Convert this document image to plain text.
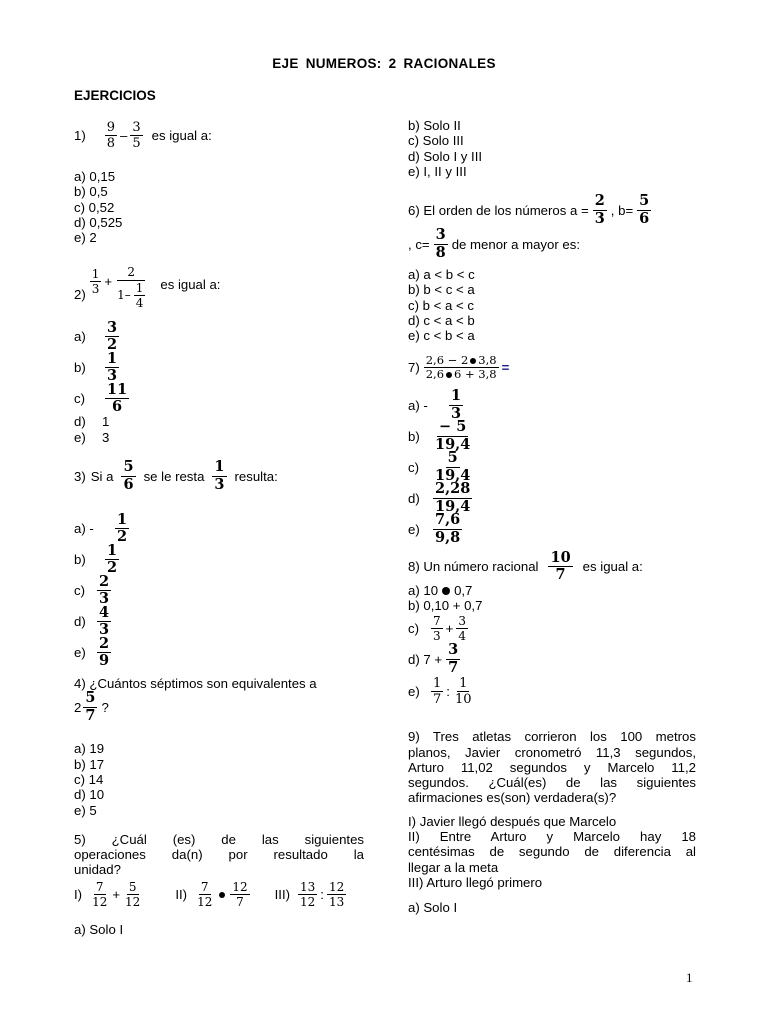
EJE NUMEROS: 2 RACIONALES
EJERCICIOS
$1) \frac{9}{8} - \frac{3}{5}$ es igual a:
a) 0,15
b) 0,5
c) 0,52
d) 0,525
e) 2
$2) \frac{1}{3} + \frac{2}{1- \frac{1}{4}}$ es igual a:
a)	$\frac{3}{2}$
b)	$\frac{1}{3}$
c)	$\frac{11}{6}$
d) 1
e) 3
3) Si a $\frac{5}{6}$ se le resta $\frac{1}{3}$ resulta:
a) -	$\frac{1}{2}$
b)	$\frac{1}{2}$
$c) \frac{2}{3}$
$d) \frac{4}{3}$
$e) \frac{2}{9}$
4) ¿Cuántos séptimos son equivalentes a
$2 \frac{5}{7}$ ?
a) 19
b) 17
c) 14
d) 10
e) 5
5) ¿Cuál (es) de las siguientes
operaciones da(n) por resultado la
unidad?
$I) \frac{7}{12} + \frac{5}{12}$	$II) \frac{7}{12} \frac{12}{7} III) \frac{13}{12}$ : $\frac{12}{13}$
a) Solo I
b) Solo II
c) Solo III
d) Solo I y III
e) I, II y III
6) El orden de los números $a = \frac{2}{3}$ , $b= \frac{5}{6}$
, $c= \frac{3}{8}$ de menor a mayor es:
a) a < b < c
b) b < c < a
c) b < a < c
d) c < a < b
e) c < b < a
$7) \frac{2,6 - 2 3,8}{2,6 6 + 3,8}$ =
a) -	$\frac{1}{3}$
$b) \frac{- 5}{19,4}$
$c) \frac{5}{19,4}$
$d) \frac{2,28}{19,4}$
$e) \frac{7,6}{9,8}$
8) Un número racional $\frac{10}{7}$ es igual a:
a) 10 0,7
b) 0,10 + 0,7
c)	$\frac{7}{3} + \frac{3}{4}$
d) $7 + \frac{3}{7}$
$e) \frac{1}{7}$ : $\frac{1}{10}$
9) Tres atletas corrieron los 100 metros
planos, Javier cronometró 11,3 segundos,
Arturo 11,02 segundos y Marcelo 11,2
segundos. ¿Cuál(es) de las siguientes
afirmaciones es(son) verdadera(s)?
I) Javier llegó después que Marcelo
II) Entre Arturo y Marcelo hay 18
centésimas de segundo de diferencia al
llegar a la meta
III) Arturo llegó primero
a) Solo I
1
